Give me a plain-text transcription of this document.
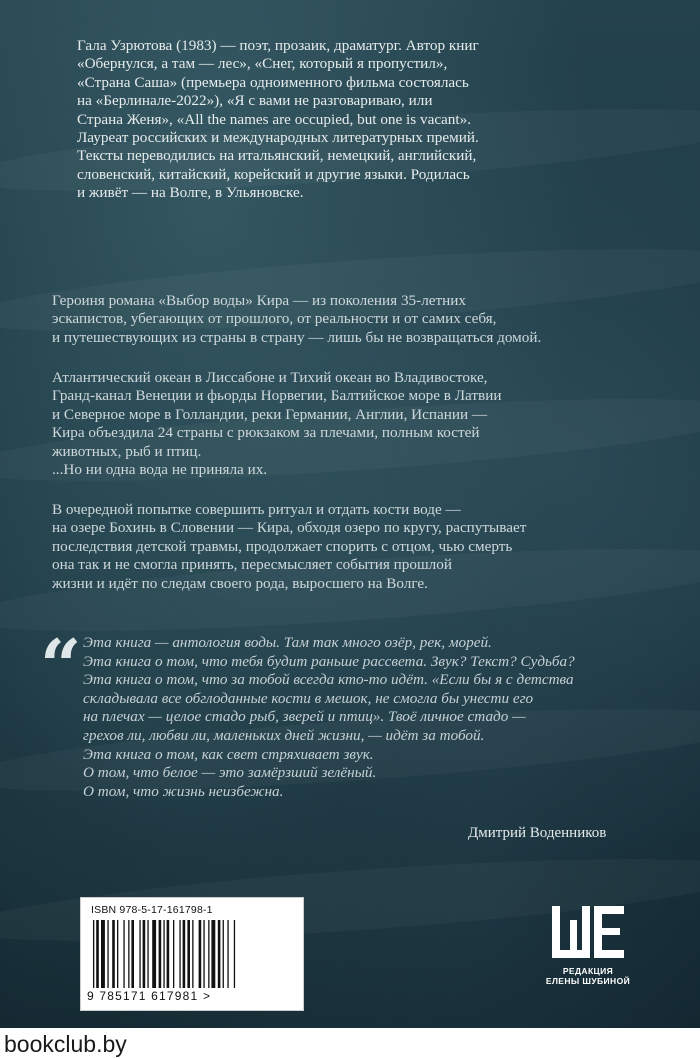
Гала Узрютова (1983) — поэт, прозаик, драматург. Автор книг

«Обернулся, а там — лес», «Снег, который я пропустил»,

«Страна Саша» (премьера одноименного фильма состоялась

на «Берлинале-2022»), «Я с вами не разговариваю, или

Страна Женя», «All the names are occupied, but one is vacant».

Лауреат российских и международных литературных премий.

Тексты переводились на итальянский, немецкий, английский,

словенский, китайский, корейский и другие языки. Родилась

и живёт — на Волге, в Ульяновске.

Героиня романа «Выбор воды» Кира — из поколения 35-летних

эскапистов, убегающих от прошлого, от реальности и от самих себя,

и путешествующих из страны в страну — лишь бы не возвращаться домой.

Атлантический океан в Лиссабоне и Тихий океан во Владивостоке,

Гранд-канал Венеции и фьорды Норвегии, Балтийское море в Латвии

и Северное море в Голландии, реки Германии, Англии, Испании —

Кира объездила 24 страны с рюкзаком за плечами, полным костей

животных, рыб и птиц.

...Но ни одна вода не приняла их.

В очередной попытке совершить ритуал и отдать кости воде —

на озере Бохинь в Словении — Кира, обходя озеро по кругу, распутывает

последствия детской травмы, продолжает спорить с отцом, чью смерть

она так и не смогла принять, пересмысляет события прошлой

жизни и идёт по следам своего рода, выросшего на Волге.

“ Эта книга — антология воды. Там так много озёр, рек, морей.

Эта книга о том, что тебя будит раньше рассвета. Звук? Текст? Судьба?

Эта книга о том, что за тобой всегда кто-то идёт. «Если бы я с детства

складывала все обглоданные кости в мешок, не смогла бы унести его

на плечах — целое стадо рыб, зверей и птиц». Твоё личное стадо —

грехов ли, любви ли, маленьких дней жизни, — идёт за тобой.

Эта книга о том, как свет стряхивает звук.

О том, что белое — это замёрзший зелёный.

О том, что жизнь неизбежна.

Дмитрий Воденников
ISBN 978-5-17-161798-1
9 785171 617981 >
РЕДАКЦИЯ
ЕЛЕНЫ ШУБИНОЙ
bookclub.by
